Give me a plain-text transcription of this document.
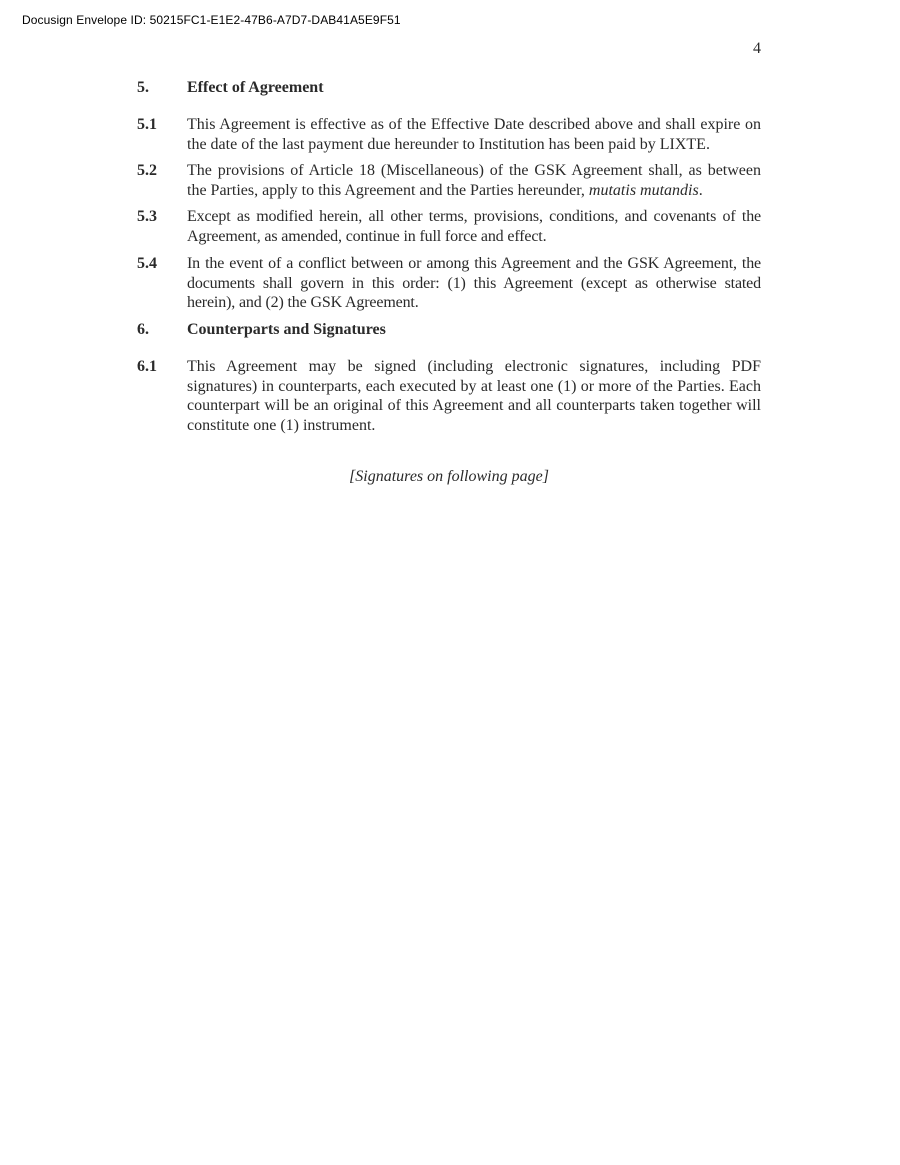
Docusign Envelope ID: 50215FC1-E1E2-47B6-A7D7-DAB41A5E9F51
4
5. Effect of Agreement
5.1 This Agreement is effective as of the Effective Date described above and shall expire on the date of the last payment due hereunder to Institution has been paid by LIXTE.
5.2 The provisions of Article 18 (Miscellaneous) of the GSK Agreement shall, as between the Parties, apply to this Agreement and the Parties hereunder, mutatis mutandis.
5.3 Except as modified herein, all other terms, provisions, conditions, and covenants of the Agreement, as amended, continue in full force and effect.
5.4 In the event of a conflict between or among this Agreement and the GSK Agreement, the documents shall govern in this order: (1) this Agreement (except as otherwise stated herein), and (2) the GSK Agreement.
6. Counterparts and Signatures
6.1 This Agreement may be signed (including electronic signatures, including PDF signatures) in counterparts, each executed by at least one (1) or more of the Parties. Each counterpart will be an original of this Agreement and all counterparts taken together will constitute one (1) instrument.
[Signatures on following page]
